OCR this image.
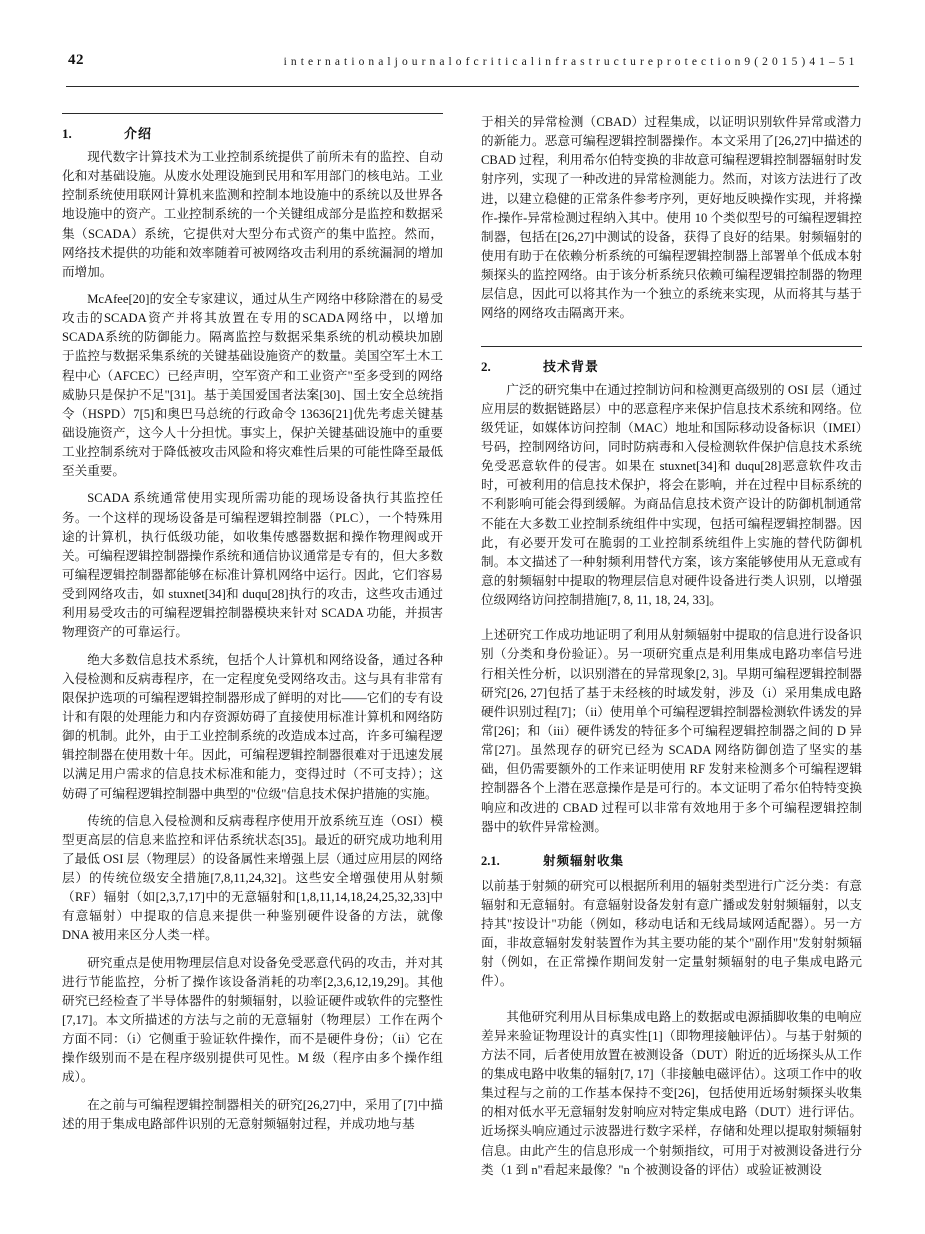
42	i n t e r n a t i o n a l j o u r n a l o f c r i t i c a l i n f r a s t r u c t u r e p r o t e c t i o n 9 ( 2 0 1 5 ) 4 1 – 5 1
1.	介绍

现代数字计算技术为工业控制系统提供了前所未有的监控、自动化和对基础设施。从废水处理设施到民用和军用部门的核电站。工业控制系统使用联网计算机来监测和控制本地设施中的系统以及世界各地设施中的资产。工业控制系统的一个关键组成部分是监控和数据采集（SCADA）系统，它提供对大型分布式资产的集中监控。然而，网络技术提供的功能和效率随着可被网络攻击利用的系统漏洞的增加而增加。

McAfee[20]的安全专家建议，通过从生产网络中移除潜在的易受攻击的SCADA资产并将其放置在专用的SCADA网络中，以增加SCADA系统的防御能力。隔离监控与数据采集系统的机动模块加剧于监控与数据采集系统的关键基础设施资产的数量。美国空军土木工程中心（AFCEC）已经声明，空军资产和工业资产"至多受到的网络威胁只是保护不足"[31]。基于美国爱国者法案[30]、国土安全总统指令（HSPD）7[5]和奥巴马总统的行政命令 13636[21]优先考虑关键基础设施资产，这今人十分担忧。事实上，保护关键基础设施中的重要工业控制系统对于降低被攻击风险和将灾难性后果的可能性降至最低至关重要。

SCADA 系统通常使用实现所需功能的现场设备执行其监控任务。一个这样的现场设备是可编程逻辑控制器（PLC），一个特殊用途的计算机，执行低级功能，如收集传感器数据和操作物理阀或开关。可编程逻辑控制器操作系统和通信协议通常是专有的，但大多数可编程逻辑控制器都能够在标准计算机网络中运行。因此，它们容易受到网络攻击，如 stuxnet[34]和 duqu[28]执行的攻击，这些攻击通过利用易受攻击的可编程逻辑控制器模块来针对 SCADA 功能，并损害物理资产的可靠运行。

绝大多数信息技术系统，包括个人计算机和网络设备，通过各种入侵检测和反病毒程序，在一定程度免受网络攻击。这与具有非常有限保护选项的可编程逻辑控制器形成了鲜明的对比——它们的专有设计和有限的处理能力和内存资源妨碍了直接使用标准计算机和网络防御的机制。此外，由于工业控制系统的改造成本过高，许多可编程逻辑控制器在使用数十年。因此，可编程逻辑控制器很难对于迅速发展以满足用户需求的信息技术标准和能力，变得过时（不可支持）；这妨碍了可编程逻辑控制器中典型的"位级"信息技术保护措施的实施。

传统的信息入侵检测和反病毒程序使用开放系统互连（OSI）模型更高层的信息来监控和评估系统状态[35]。最近的研究成功地利用了最低 OSI 层（物理层）的设备属性来增强上层（通过应用层的网络层）的传统位级安全措施[7,8,11,24,32]。这些安全增强使用从射频（RF）辐射（如[2,3,7,17]中的无意辐射和[1,8,11,14,18,24,25,32,33]中有意辐射）中提取的信息来提供一种鉴别硬件设备的方法，就像 DNA 被用来区分人类一样。

研究重点是使用物理层信息对设备免受恶意代码的攻击，并对其进行节能监控，分析了操作该设备消耗的功率[2,3,6,12,19,29]。其他研究已经检查了半导体器件的射频辐射，以验证硬件或软件的完整性[7,17]。本文所描述的方法与之前的无意辐射（物理层）工作在两个方面不同：（i）它侧重于验证软件操作，而不是硬件身份；（ii）它在操作级别而不是在程序级别提供可见性。M 级（程序由多个操作组成）。

在之前与可编程逻辑控制器相关的研究[26,27]中，采用了[7]中描述的用于集成电路部件识别的无意射频辐射过程，并成功地与基

于相关的异常检测（CBAD）过程集成，以证明识别软件异常或潜力的新能力。恶意可编程逻辑控制器操作。本文采用了[26,27]中描述的 CBAD 过程，利用希尔伯特变换的非故意可编程逻辑控制器辐射时发射序列，实现了一种改进的异常检测能力。然而，对该方法进行了改进，以建立稳健的正常条件参考序列，更好地反映操作实现，并将操作-操作-异常检测过程纳入其中。使用 10 个类似型号的可编程逻辑控制器，包括在[26,27]中测试的设备，获得了良好的结果。射频辐射的使用有助于在依赖分析系统的可编程逻辑控制器上部署单个低成本射频探头的监控网络。由于该分析系统只依赖可编程逻辑控制器的物理层信息，因此可以将其作为一个独立的系统来实现，从而将其与基于网络的网络攻击隔离开来。

2.	技术背景

广泛的研究集中在通过控制访问和检测更高级别的 OSI 层（通过应用层的数据链路层）中的恶意程序来保护信息技术系统和网络。位级凭证，如媒体访问控制（MAC）地址和国际移动设备标识（IMEI）号码，控制网络访问，同时防病毒和入侵检测软件保护信息技术系统免受恶意软件的侵害。如果在 stuxnet[34]和 duqu[28]恶意软件攻击时，可被利用的信息技术保护，将会在影响，并在过程中目标系统的不利影响可能会得到缓解。为商品信息技术资产设计的防御机制通常不能在大多数工业控制系统组件中实现，包括可编程逻辑控制器。因此，有必要开发可在脆弱的工业控制系统组件上实施的替代防御机制。本文描述了一种射频利用替代方案，该方案能够使用从无意或有意的射频辐射中提取的物理层信息对硬件设备进行类人识别，以增强位级网络访问控制措施[7, 8, 11, 18, 24, 33]。

上述研究工作成功地证明了利用从射频辐射中提取的信息进行设备识别（分类和身份验证）。另一项研究重点是利用集成电路功率信号进行相关性分析，以识别潜在的异常现象[2, 3]。早期可编程逻辑控制器研究[26, 27]包括了基于未经核的时域发射，涉及（i）采用集成电路硬件识别过程[7]；（ii）使用单个可编程逻辑控制器检测软件诱发的异常[26]；和（iii）硬件诱发的特征多个可编程逻辑控制器之间的 D 异常[27]。虽然现存的研究已经为 SCADA 网络防御创造了坚实的基础，但仍需要额外的工作来证明使用 RF 发射来检测多个可编程逻辑控制器各个上潜在恶意操作是是可行的。本文证明了希尔伯特特变换响应和改进的 CBAD 过程可以非常有效地用于多个可编程逻辑控制器中的软件异常检测。

2.1.	射频辐射收集

以前基于射频的研究可以根据所利用的辐射类型进行广泛分类：有意辐射和无意辐射。有意辐射设备发射有意广播或发射射频辐射，以支持其"按设计"功能（例如，移动电话和无线局域网适配器）。另一方面，非故意辐射发射装置作为其主要功能的某个"副作用"发射射频辐射（例如，在正常操作期间发射一定量射频辐射的电子集成电路元件）。

其他研究利用从目标集成电路上的数据或电源插脚收集的电响应差异来验证物理设计的真实性[1]（即物理接触评估）。与基于射频的方法不同，后者使用放置在被测设备（DUT）附近的近场探头从工作的集成电路中收集的辐射[7, 17]（非接触电磁评估）。这项工作中的收集过程与之前的工作基本保持不变[26]，包括使用近场射频探头收集的相对低水平无意辐射发射响应对特定集成电路（DUT）进行评估。近场探头响应通过示波器进行数字采样，存储和处理以提取射频辐射信息。由此产生的信息形成一个射频指纹，可用于对被测设备进行分类（1 到 n"看起来最像？"n 个被测设备的评估）或验证被测设
